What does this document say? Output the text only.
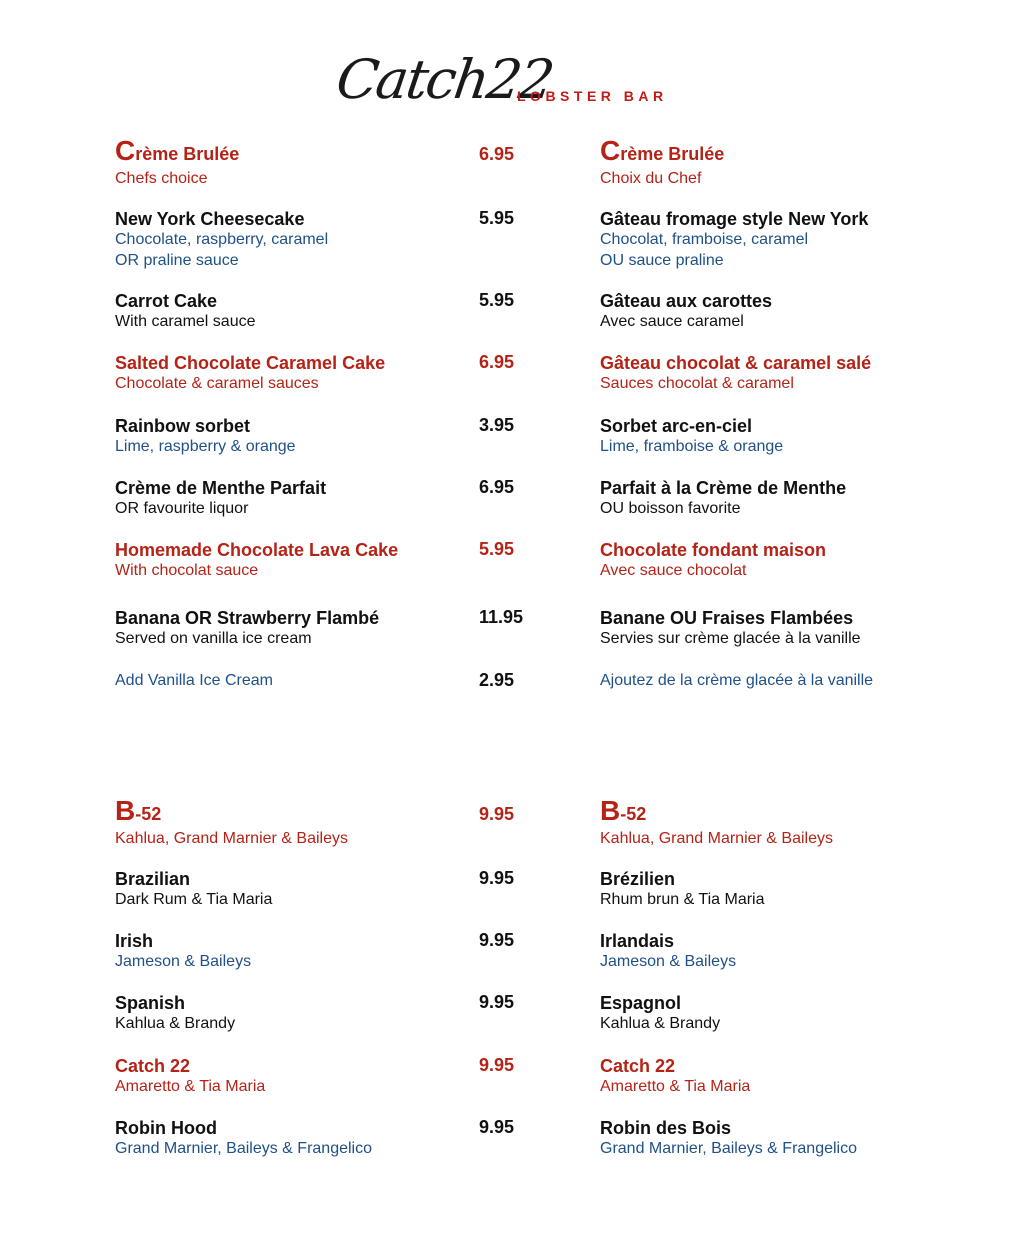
Catch22
LOBSTER BAR
Crème Brulée
Chefs choice
Crème Brulée
Choix du Chef
6.95
New York Cheesecake
Chocolate, raspberry, caramel
OR praline sauce
Gâteau fromage style New York
Chocolat, framboise, caramel
OU sauce praline
5.95
Carrot Cake
With caramel sauce
Gâteau aux carottes
Avec sauce caramel
5.95
Salted Chocolate Caramel Cake
Chocolate & caramel sauces
Gâteau chocolat & caramel salé
Sauces chocolat & caramel
6.95
Rainbow sorbet
Lime, raspberry & orange
Sorbet arc-en-ciel
Lime, framboise & orange
3.95
Crème de Menthe Parfait
OR favourite liquor
Parfait à la Crème de Menthe
OU boisson favorite
6.95
Homemade Chocolate Lava Cake
With chocolat sauce
Chocolate fondant maison
Avec sauce chocolat
5.95
Banana OR Strawberry Flambé
Served on vanilla ice cream
Banane OU Fraises Flambées
Servies sur crème glacée à la vanille
11.95
Add Vanilla Ice Cream	2.95	Ajoutez de la crème glacée à la vanille
B-52
Kahlua, Grand Marnier & Baileys
B-52
Kahlua, Grand Marnier & Baileys
9.95
Brazilian
Dark Rum & Tia Maria
Brézilien
Rhum brun & Tia Maria
9.95
Irish
Jameson & Baileys
Irlandais
Jameson & Baileys
9.95
Spanish
Kahlua & Brandy
Espagnol
Kahlua & Brandy
9.95
Catch 22
Amaretto & Tia Maria
Catch 22
Amaretto & Tia Maria
9.95
Robin Hood
Grand Marnier, Baileys & Frangelico
Robin des Bois
Grand Marnier, Baileys & Frangelico
9.95
